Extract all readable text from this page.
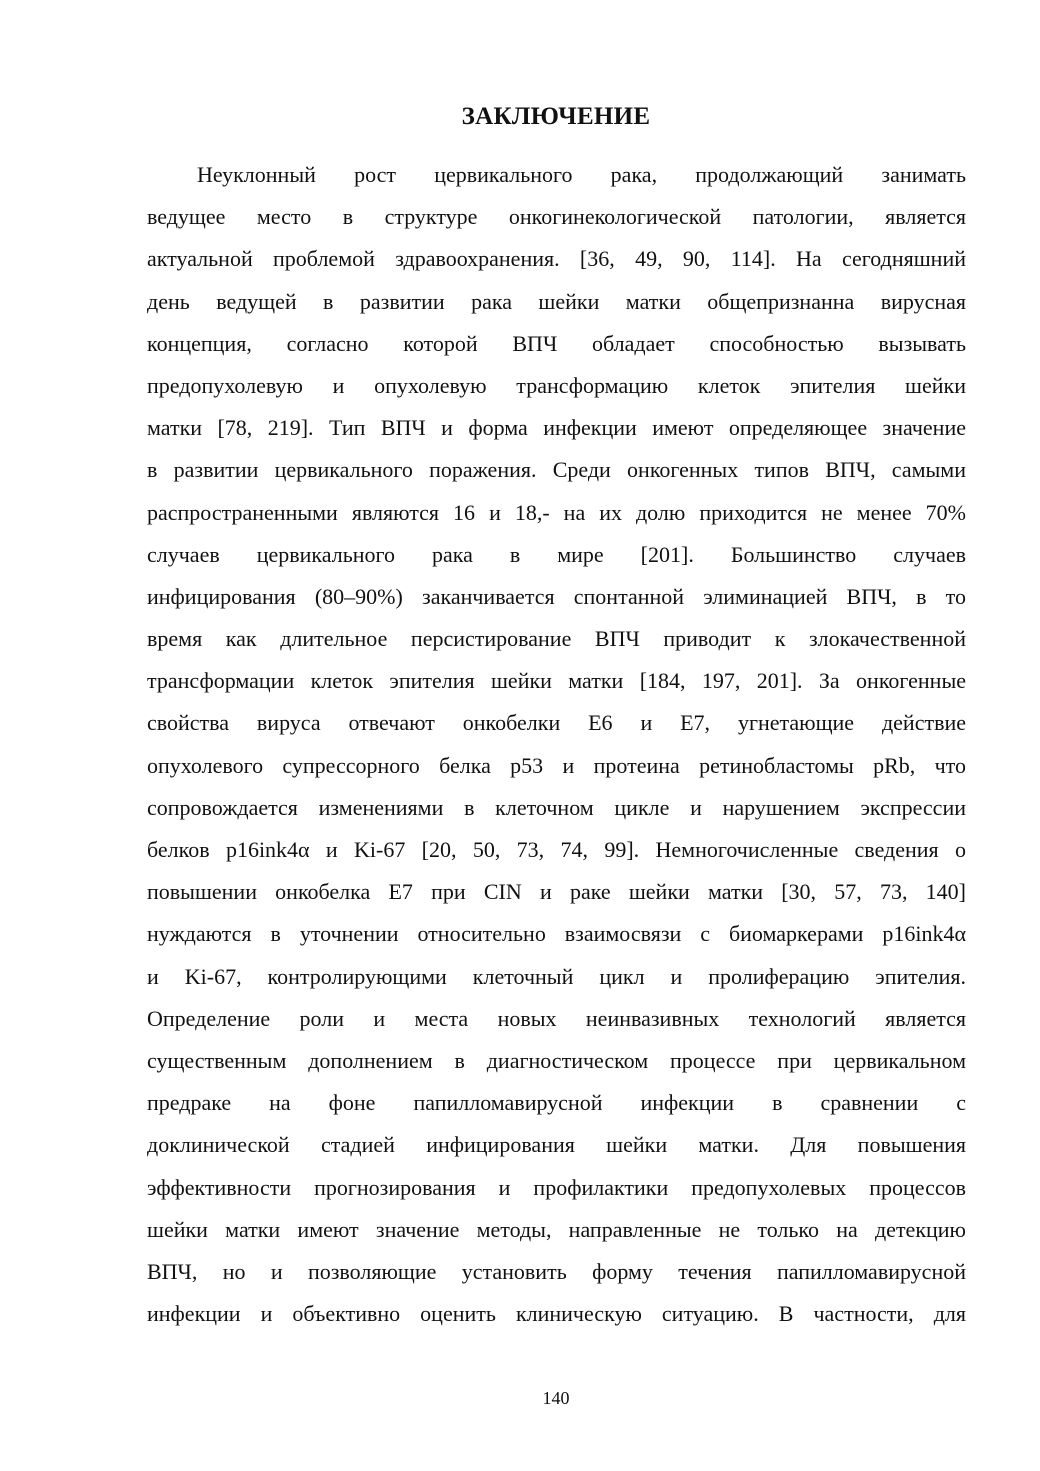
ЗАКЛЮЧЕНИЕ
Неуклонный рост цервикального рака, продолжающий занимать
ведущее место в структуре онкогинекологической патологии, является
актуальной проблемой здравоохранения. [36, 49, 90, 114]. На сегодняшний
день ведущей в развитии рака шейки матки общепризнанна вирусная
концепция, согласно которой ВПЧ обладает способностью вызывать
предопухолевую и опухолевую трансформацию клеток эпителия шейки
матки [78, 219]. Тип ВПЧ и форма инфекции имеют определяющее значение
в развитии цервикального поражения. Среди онкогенных типов ВПЧ, самыми
распространенными являются 16 и 18,- на их долю приходится не менее 70%
случаев цервикального рака в мире [201]. Большинство случаев
инфицирования (80–90%) заканчивается спонтанной элиминацией ВПЧ, в то
время как длительное персистирование ВПЧ приводит к злокачественной
трансформации клеток эпителия шейки матки [184, 197, 201]. За онкогенные
свойства вируса отвечают онкобелки Е6 и Е7, угнетающие действие
опухолевого супрессорного белка р53 и протеина ретинобластомы pRb, что
сопровождается изменениями в клеточном цикле и нарушением экспрессии
белков p16ink4α и Ki-67 [20, 50, 73, 74, 99]. Немногочисленные сведения о
повышении онкобелка Е7 при CIN и раке шейки матки [30, 57, 73, 140]
нуждаются в уточнении относительно взаимосвязи с биомаркерами p16ink4α
и Ki-67, контролирующими клеточный цикл и пролиферацию эпителия.
Определение роли и места новых неинвазивных технологий является
существенным дополнением в диагностическом процессе при цервикальном
предраке на фоне папилломавирусной инфекции в сравнении с
доклинической стадией инфицирования шейки матки. Для повышения
эффективности прогнозирования и профилактики предопухолевых процессов
шейки матки имеют значение методы, направленные не только на детекцию
ВПЧ, но и позволяющие установить форму течения папилломавирусной
инфекции и объективно оценить клиническую ситуацию. В частности, для
140
